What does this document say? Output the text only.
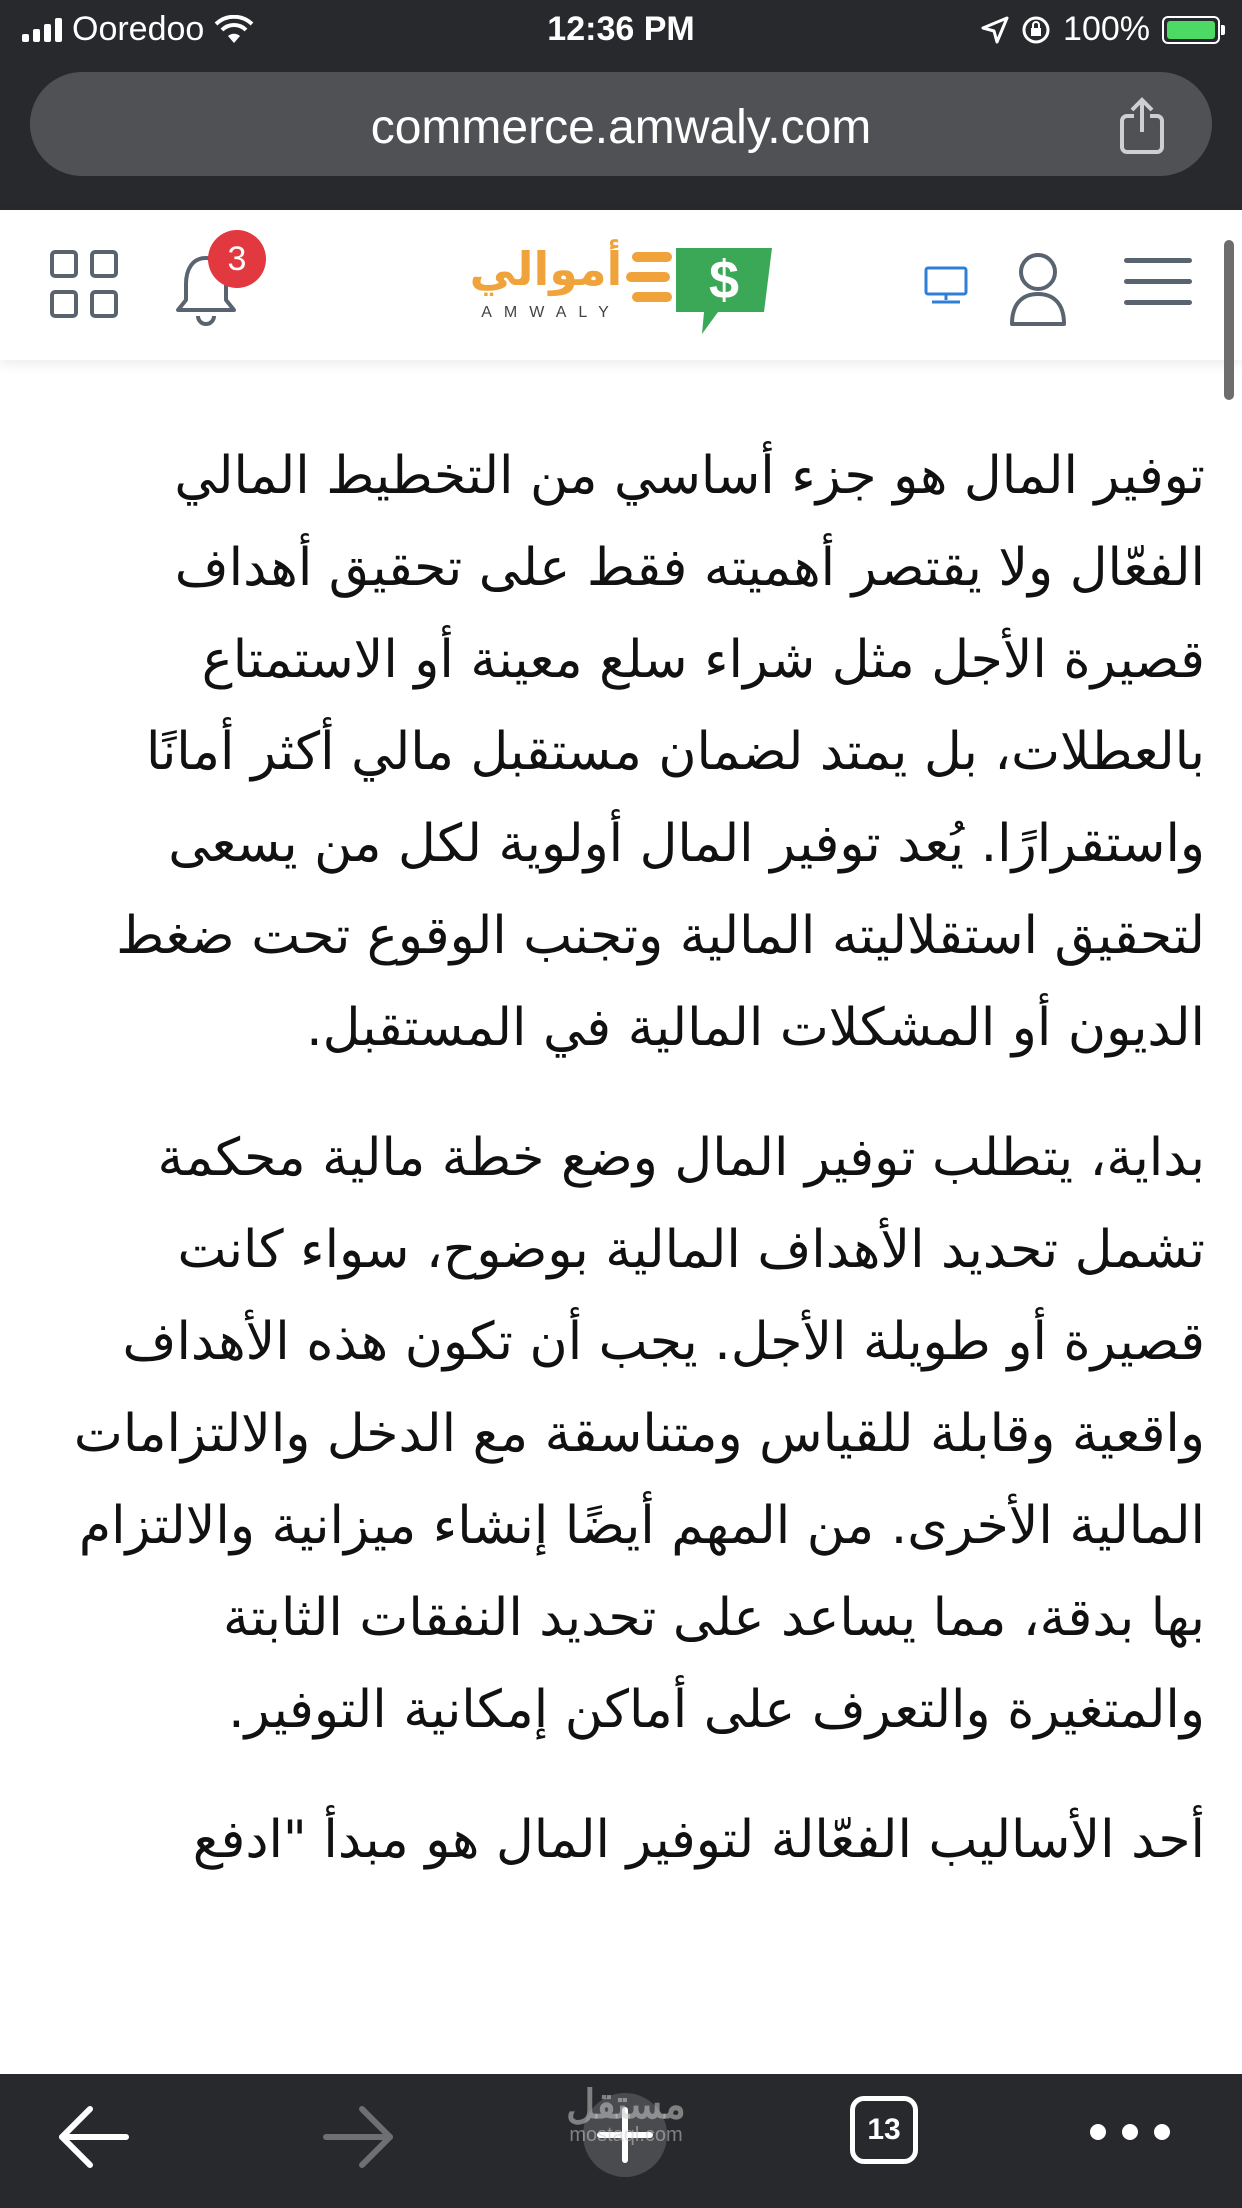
Ooredoo	12:36 PM	100%
commerce.amwaly.com
3	أموالي
AMWALY
$

توفير المال هو جزء أساسي من التخطيط المالي الفعّال ولا يقتصر أهميته فقط على تحقيق أهداف قصيرة الأجل مثل شراء سلع معينة أو الاستمتاع بالعطلات، بل يمتد لضمان مستقبل مالي أكثر أمانًا واستقرارًا. يُعد توفير المال أولوية لكل من يسعى لتحقيق استقلاليته المالية وتجنب الوقوع تحت ضغط الديون أو المشكلات المالية في المستقبل.

بداية، يتطلب توفير المال وضع خطة مالية محكمة تشمل تحديد الأهداف المالية بوضوح، سواء كانت قصيرة أو طويلة الأجل. يجب أن تكون هذه الأهداف واقعية وقابلة للقياس ومتناسقة مع الدخل والالتزامات المالية الأخرى. من المهم أيضًا إنشاء ميزانية والالتزام بها بدقة، مما يساعد على تحديد النفقات الثابتة والمتغيرة والتعرف على أماكن إمكانية التوفير.

أحد الأساليب الفعّالة لتوفير المال هو مبدأ "ادفع

13
مستقل
mostaql.com
